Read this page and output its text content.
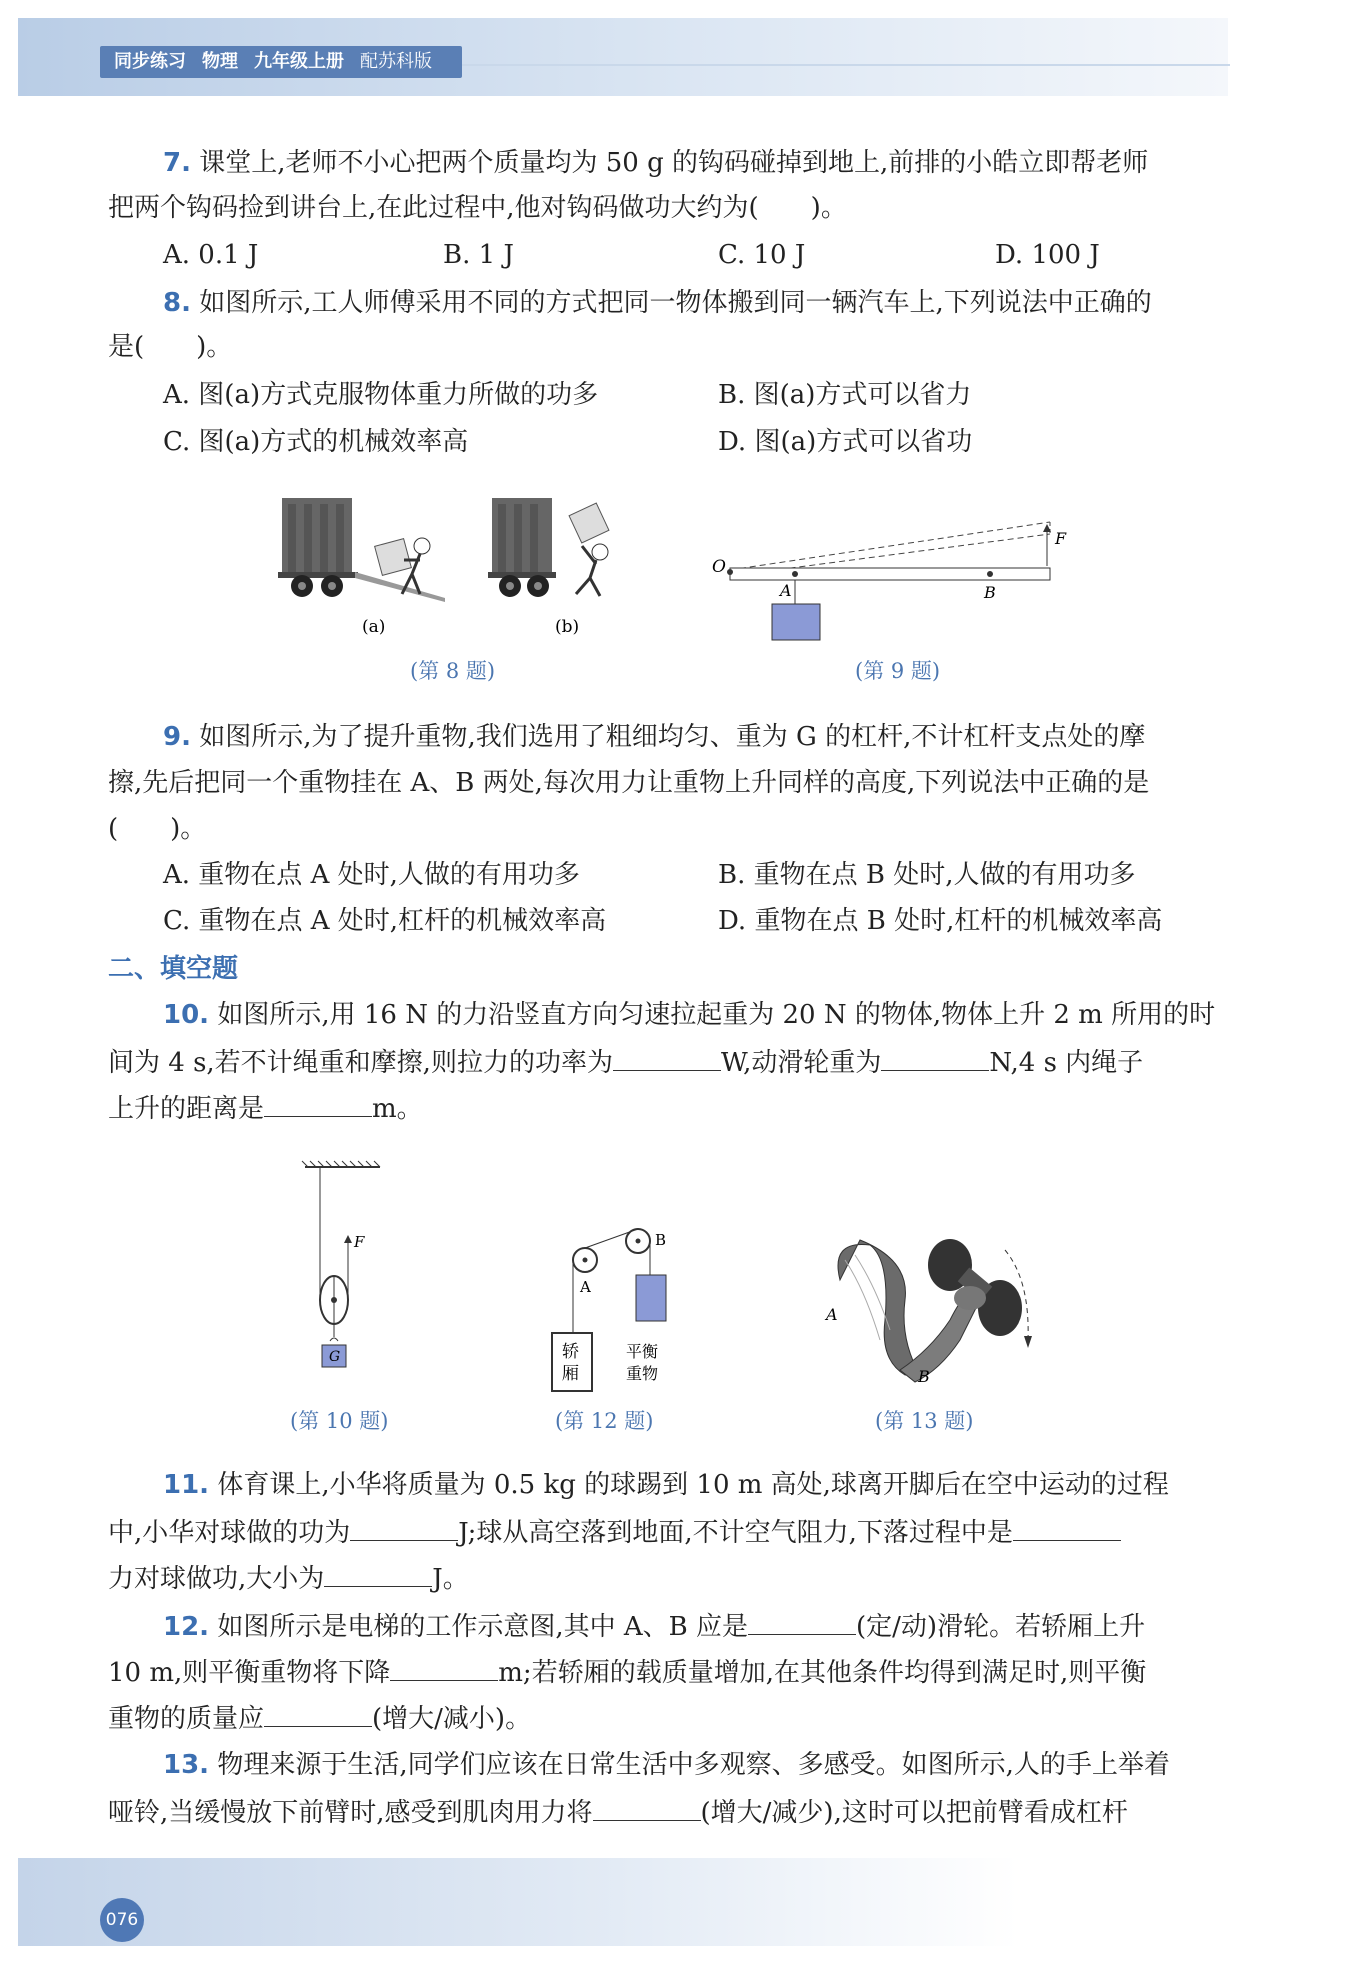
同步练习 物理 九年级上册 配苏科版
7. 课堂上,老师不小心把两个质量均为 50 g 的钩码碰掉到地上,前排的小皓立即帮老师
把两个钩码捡到讲台上,在此过程中,他对钩码做功大约为(　　)。
A. 0.1 J	B. 1 J	C. 10 J	D. 100 J
8. 如图所示,工人师傅采用不同的方式把同一物体搬到同一辆汽车上,下列说法中正确的
是(　　)。
A. 图(a)方式克服物体重力所做的功多	B. 图(a)方式可以省力
C. 图(a)方式的机械效率高	D. 图(a)方式可以省功
(a)	(b)
(第 8 题)
O
A	B
F
(第 9 题)
9. 如图所示,为了提升重物,我们选用了粗细均匀、重为 G 的杠杆,不计杠杆支点处的摩
擦,先后把同一个重物挂在 A、B 两处,每次用力让重物上升同样的高度,下列说法中正确的是
(　　)。
A. 重物在点 A 处时,人做的有用功多	B. 重物在点 B 处时,人做的有用功多
C. 重物在点 A 处时,杠杆的机械效率高	D. 重物在点 B 处时,杠杆的机械效率高
二、填空题
10. 如图所示,用 16 N 的力沿竖直方向匀速拉起重为 20 N 的物体,物体上升 2 m 所用的时
间为 4 s,若不计绳重和摩擦,则拉力的功率为	W,动滑轮重为	N,4 s 内绳子
上升的距离是	m。
G
F
(第 10 题)
A
B
轿
厢
平衡
重物
(第 12 题)
A
B
(第 13 题)
11. 体育课上,小华将质量为 0.5 kg 的球踢到 10 m 高处,球离开脚后在空中运动的过程
中,小华对球做的功为	J;球从高空落到地面,不计空气阻力,下落过程中是
力对球做功,大小为	J。
12. 如图所示是电梯的工作示意图,其中 A、B 应是	(定/动)滑轮。若轿厢上升
10 m,则平衡重物将下降	m;若轿厢的载质量增加,在其他条件均得到满足时,则平衡
重物的质量应	(增大/减小)。
13. 物理来源于生活,同学们应该在日常生活中多观察、多感受。如图所示,人的手上举着
哑铃,当缓慢放下前臂时,感受到肌肉用力将	(增大/减少),这时可以把前臂看成杠杆
076
